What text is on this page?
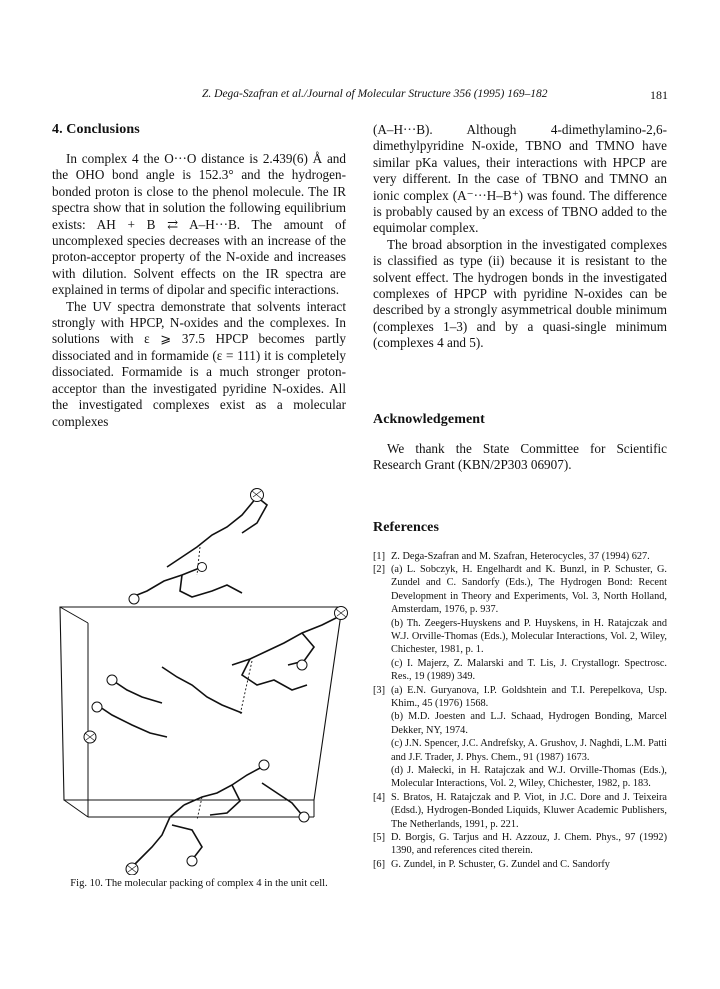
Z. Dega-Szafran et al./Journal of Molecular Structure 356 (1995) 169–182	181
4. Conclusions

In complex 4 the O···O distance is 2.439(6) Å and the OHO bond angle is 152.3° and the hydrogen-bonded proton is close to the phenol molecule. The IR spectra show that in solution the following equilibrium exists: AH + B ⇄ A–H···B. The amount of uncomplexed species decreases with an increase of the proton-acceptor property of the N-oxide and increases with dilution. Solvent effects on the IR spectra are explained in terms of dipolar and specific interactions.

The UV spectra demonstrate that solvents interact strongly with HPCP, N-oxides and the complexes. In solutions with ε ⩾ 37.5 HPCP becomes partly dissociated and in formamide (ε = 111) it is completely dissociated. Formamide is a much stronger proton-acceptor than the investigated pyridine N-oxides. All the investigated complexes exist as a molecular complexes

(A–H···B). Although 4-dimethylamino-2,6-dimethylpyridine N-oxide, TBNO and TMNO have similar pKa values, their interactions with HPCP are very different. In the case of TBNO and TMNO an ionic complex (A⁻···H–B⁺) was found. The difference is probably caused by an excess of TBNO added to the equimolar complex.

The broad absorption in the investigated complexes is classified as type (ii) because it is resistant to the solvent effect. The hydrogen bonds in the investigated complexes of HPCP with pyridine N-oxides can be described by a strongly asymmetrical double minimum (complexes 1–3) and by a quasi-single minimum (complexes 4 and 5).

Acknowledgement

We thank the State Committee for Scientific Research Grant (KBN/2P303 06907).

References
[1] Z. Dega-Szafran and M. Szafran, Heterocycles, 37 (1994) 627.
[2] (a) L. Sobczyk, H. Engelhardt and K. Bunzl, in P. Schuster, G. Zundel and C. Sandorfy (Eds.), The Hydrogen Bond: Recent Development in Theory and Experiments, Vol. 3, North Holland, Amsterdam, 1976, p. 937.
(b) Th. Zeegers-Huyskens and P. Huyskens, in H. Ratajczak and W.J. Orville-Thomas (Eds.), Molecular Interactions, Vol. 2, Wiley, Chichester, 1981, p. 1.
(c) I. Majerz, Z. Malarski and T. Lis, J. Crystallogr. Spectrosc. Res., 19 (1989) 349.
[3] (a) E.N. Guryanova, I.P. Goldshtein and T.I. Perepelkova, Usp. Khim., 45 (1976) 1568.
(b) M.D. Joesten and L.J. Schaad, Hydrogen Bonding, Marcel Dekker, NY, 1974.
(c) J.N. Spencer, J.C. Andrefsky, A. Grushov, J. Naghdi, L.M. Patti and J.F. Trader, J. Phys. Chem., 91 (1987) 1673.
(d) J. Małecki, in H. Ratajczak and W.J. Orville-Thomas (Eds.), Molecular Interactions, Vol. 2, Wiley, Chichester, 1982, p. 183.
[4] S. Bratos, H. Ratajczak and P. Viot, in J.C. Dore and J. Teixeira (Edsd.), Hydrogen-Bonded Liquids, Kluwer Academic Publishers, The Netherlands, 1991, p. 221.
[5] D. Borgis, G. Tarjus and H. Azzouz, J. Chem. Phys., 97 (1992) 1390, and references cited therein.
[6] G. Zundel, in P. Schuster, G. Zundel and C. Sandorfy
Fig. 10. The molecular packing of complex 4 in the unit cell.
